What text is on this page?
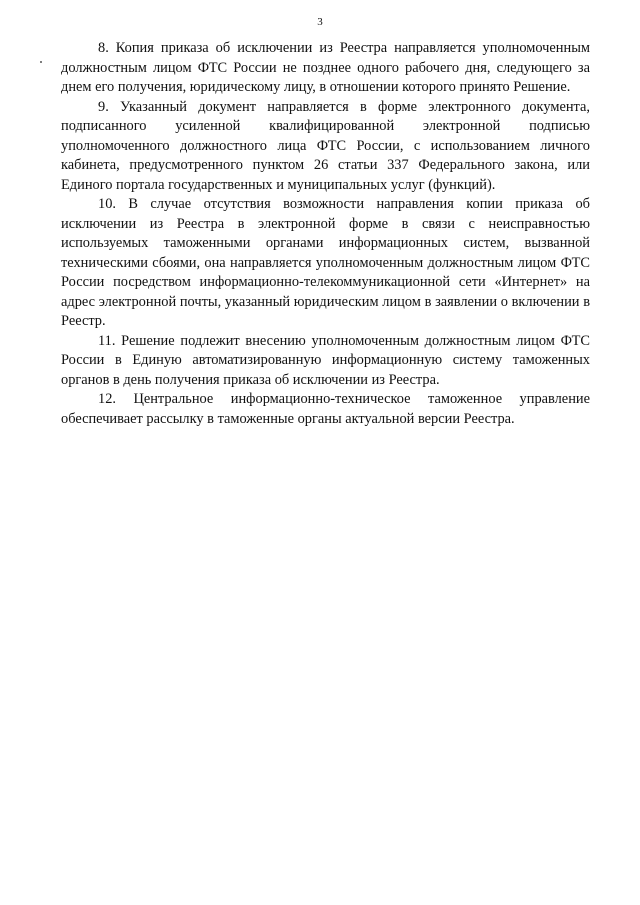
3

8. Копия приказа об исключении из Реестра направляется уполномоченным должностным лицом ФТС России не позднее одного рабочего дня, следующего за днем его получения, юридическому лицу, в отношении которого принято Решение.

9. Указанный документ направляется в форме электронного документа, подписанного усиленной квалифицированной электронной подписью уполномоченного должностного лица ФТС России, с использованием личного кабинета, предусмотренного пунктом 26 статьи 337 Федерального закона, или Единого портала государственных и муниципальных услуг (функций).

10. В случае отсутствия возможности направления копии приказа об исключении из Реестра в электронной форме в связи с неисправностью используемых таможенными органами информационных систем, вызванной техническими сбоями, она направляется уполномоченным должностным лицом ФТС России посредством информационно-телекоммуникационной сети «Интернет» на адрес электронной почты, указанный юридическим лицом в заявлении о включении в Реестр.

11. Решение подлежит внесению уполномоченным должностным лицом ФТС России в Единую автоматизированную информационную систему таможенных органов в день получения приказа об исключении из Реестра.

12. Центральное информационно-техническое таможенное управление обеспечивает рассылку в таможенные органы актуальной версии Реестра.
